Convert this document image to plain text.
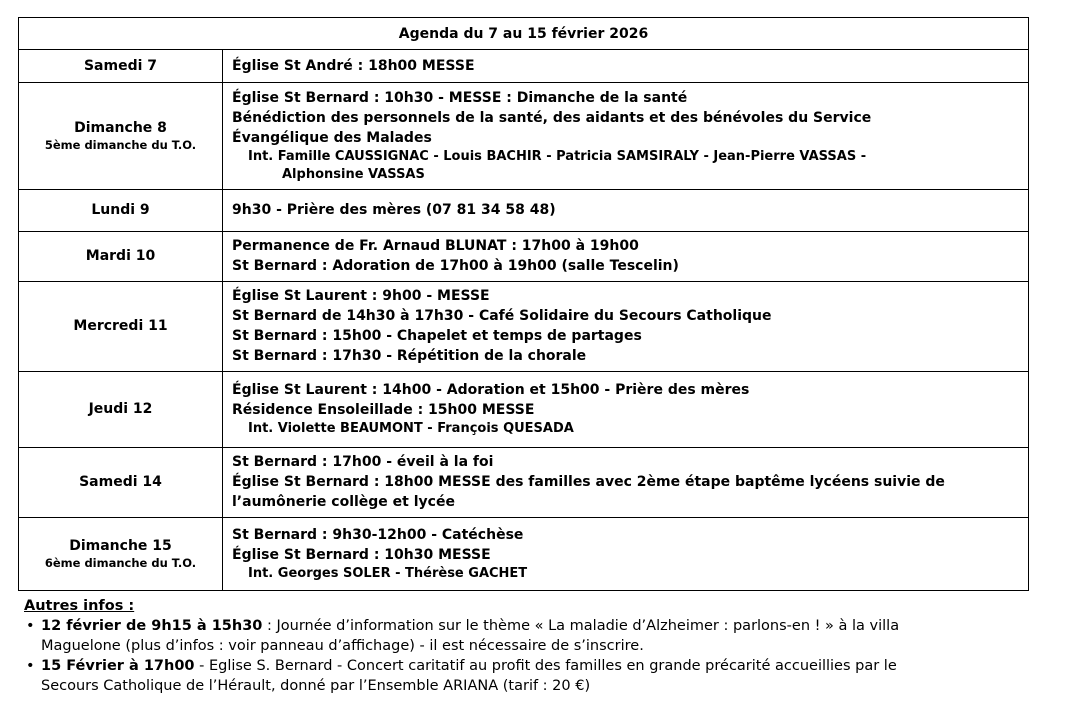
Agenda du 7 au 15 février 2026	

Samedi 7	Église St André : 18h00 MESSE

Dimanche 8
5ème dimanche du T.O.	Église St Bernard : 10h30 - MESSE : Dimanche de la santé
Bénédiction des personnels de la santé, des aidants et des bénévoles du Service
Évangélique des Malades
Int. Famille CAUSSIGNAC - Louis BACHIR - Patricia SAMSIRALY - Jean-Pierre VASSAS -
Alphonsine VASSAS

Lundi 9	9h30 - Prière des mères (07 81 34 58 48)

Mardi 10	Permanence de Fr. Arnaud BLUNAT : 17h00 à 19h00
St Bernard : Adoration de 17h00 à 19h00 (salle Tescelin)

Mercredi 11	Église St Laurent : 9h00 - MESSE
St Bernard de 14h30 à 17h30 - Café Solidaire du Secours Catholique
St Bernard : 15h00 - Chapelet et temps de partages
St Bernard : 17h30 - Répétition de la chorale

Jeudi 12	Église St Laurent : 14h00 - Adoration et 15h00 - Prière des mères
Résidence Ensoleillade : 15h00 MESSE
Int. Violette BEAUMONT - François QUESADA

Samedi 14	St Bernard : 17h00 - éveil à la foi
Église St Bernard : 18h00 MESSE des familles avec 2ème étape baptême lycéens suivie de
l’aumônerie collège et lycée

Dimanche 15
6ème dimanche du T.O.	St Bernard : 9h30-12h00 - Catéchèse
Église St Bernard : 10h30 MESSE
Int. Georges SOLER - Thérèse GACHET
Autres infos :
• 12 février de 9h15 à 15h30 : Journée d’information sur le thème « La maladie d’Alzheimer : parlons-en ! » à la villa
Maguelone (plus d’infos : voir panneau d’affichage) - il est nécessaire de s’inscrire.
• 15 Février à 17h00 - Eglise S. Bernard - Concert caritatif au profit des familles en grande précarité accueillies par le
Secours Catholique de l’Hérault, donné par l’Ensemble ARIANA (tarif : 20 €)
